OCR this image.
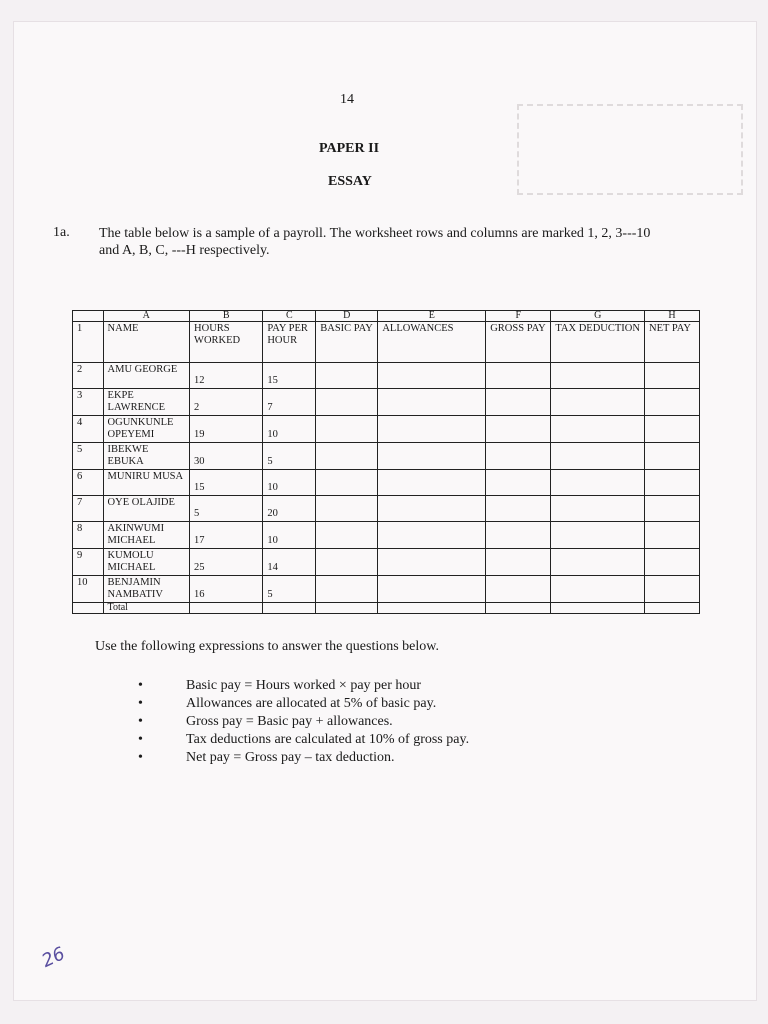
14
PAPER II
ESSAY
1a. The table below is a sample of a payroll. The worksheet rows and columns are marked 1, 2, 3---10 and A, B, C, ---H respectively.
	A	B	C	D	E	F	G	H
1	NAME	HOURS WORKED	PAY PER HOUR	BASIC PAY	ALLOWANCES	GROSS PAY	TAX DEDUCTION	NET PAY
2	AMU GEORGE	12	15					
3	EKPE LAWRENCE	2	7					
4	OGUNKUNLE OPEYEMI	19	10					
5	IBEKWE EBUKA	30	5					
6	MUNIRU MUSA	15	10					
7	OYE OLAJIDE	5	20					
8	AKINWUMI MICHAEL	17	10					
9	KUMOLU MICHAEL	25	14					
10	BENJAMIN NAMBATIV	16	5					
	Total							
Use the following expressions to answer the questions below.
• Basic pay = Hours worked × pay per hour
• Allowances are allocated at 5% of basic pay.
• Gross pay = Basic pay + allowances.
• Tax deductions are calculated at 10% of gross pay.
• Net pay = Gross pay – tax deduction.
26
